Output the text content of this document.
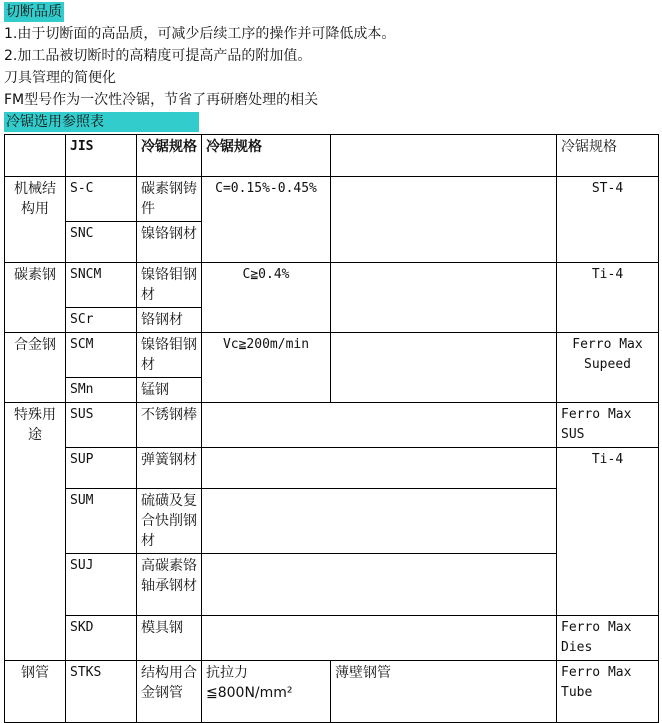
切断品质
1.由于切断面的高品质，可减少后续工序的操作并可降低成本。
2.加工品被切断时的高精度可提高产品的附加值。
刀具管理的简便化
FM型号作为一次性冷锯，节省了再研磨处理的相关
冷锯选用参照表
	JIS	冷锯规格	冷锯规格		冷锯规格
机械结构用	S-C	碳素钢铸件	C=0.15%-0.45%		ST-4
	SNC	镍铬钢材			
碳素钢	SNCM	镍铬钼钢材	C≧0.4%		Ti-4
	SCr	铬钢材			
合金钢	SCM	镍铬钼钢材	Vc≧200m/min		Ferro Max Supeed
	SMn	锰钢			
特殊用途	SUS	不锈钢棒			Ferro Max SUS
	SUP	弹簧钢材			Ti-4
	SUM	硫磺及复合快削钢材			
	SUJ	高碳素铬轴承钢材			
	SKD	模具钢			Ferro Max Dies
钢管	STKS	结构用合金钢管	抗拉力≦800N/mm²	薄壁钢管	Ferro Max Tube
